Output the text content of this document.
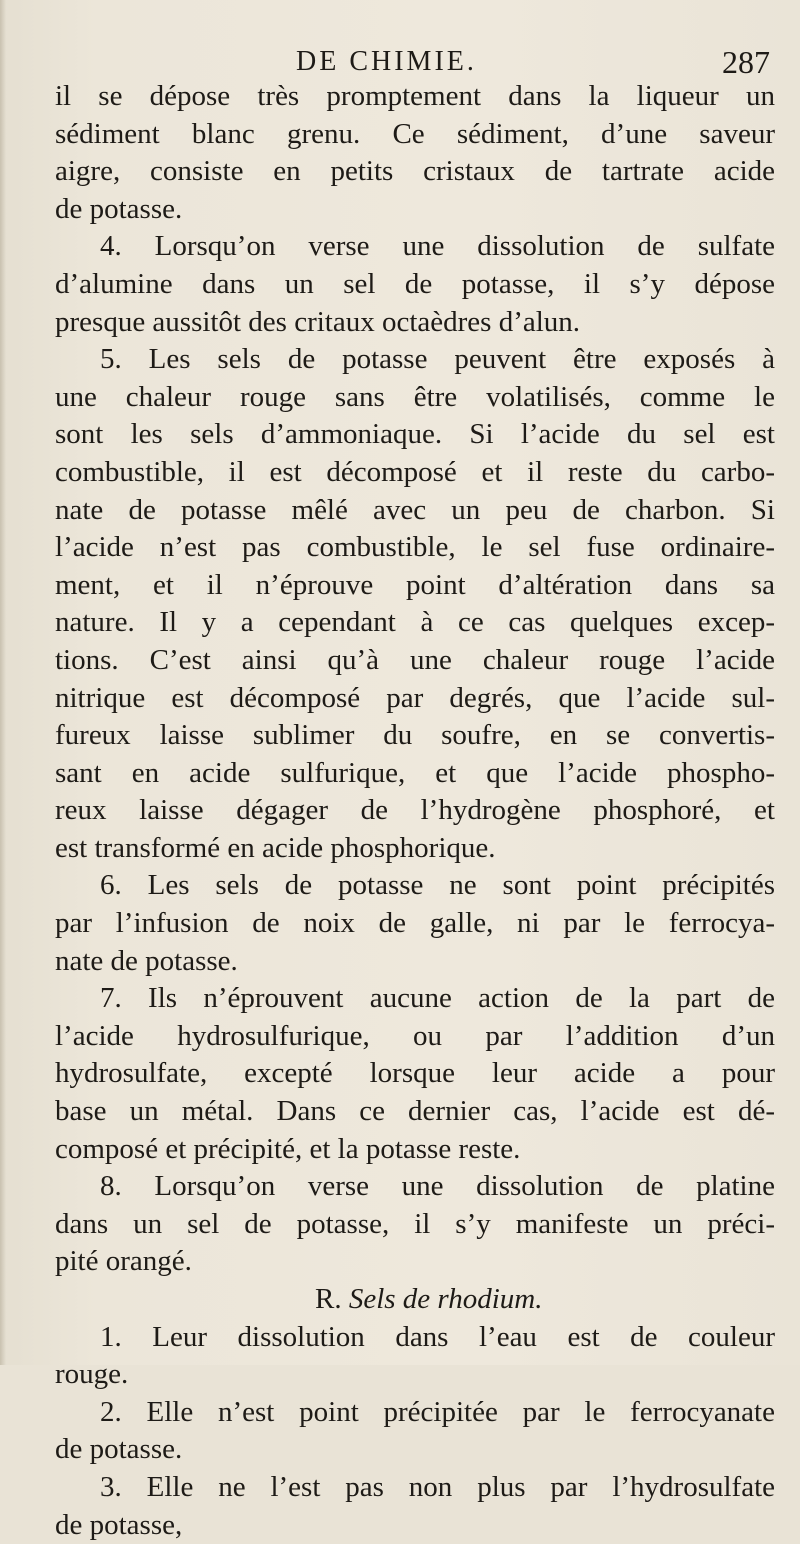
DE CHIMIE.	287
il se dépose très promptement dans la liqueur un
sédiment blanc grenu. Ce sédiment, d’une saveur
aigre, consiste en petits cristaux de tartrate acide
de potasse.
4. Lorsqu’on verse une dissolution de sulfate
d’alumine dans un sel de potasse, il s’y dépose
presque aussitôt des critaux octaèdres d’alun.
5. Les sels de potasse peuvent être exposés à
une chaleur rouge sans être volatilisés, comme le
sont les sels d’ammoniaque. Si l’acide du sel est
combustible, il est décomposé et il reste du carbo-
nate de potasse mêlé avec un peu de charbon. Si
l’acide n’est pas combustible, le sel fuse ordinaire-
ment, et il n’éprouve point d’altération dans sa
nature. Il y a cependant à ce cas quelques excep-
tions. C’est ainsi qu’à une chaleur rouge l’acide
nitrique est décomposé par degrés, que l’acide sul-
fureux laisse sublimer du soufre, en se convertis-
sant en acide sulfurique, et que l’acide phospho-
reux laisse dégager de l’hydrogène phosphoré, et
est transformé en acide phosphorique.
6. Les sels de potasse ne sont point précipités
par l’infusion de noix de galle, ni par le ferrocya-
nate de potasse.
7. Ils n’éprouvent aucune action de la part de
l’acide hydrosulfurique, ou par l’addition d’un
hydrosulfate, excepté lorsque leur acide a pour
base un métal. Dans ce dernier cas, l’acide est dé-
composé et précipité, et la potasse reste.
8. Lorsqu’on verse une dissolution de platine
dans un sel de potasse, il s’y manifeste un préci-
pité orangé.
R. Sels de rhodium.
1. Leur dissolution dans l’eau est de couleur
rouge.
2. Elle n’est point précipitée par le ferrocyanate
de potasse.
3. Elle ne l’est pas non plus par l’hydrosulfate
de potasse,
